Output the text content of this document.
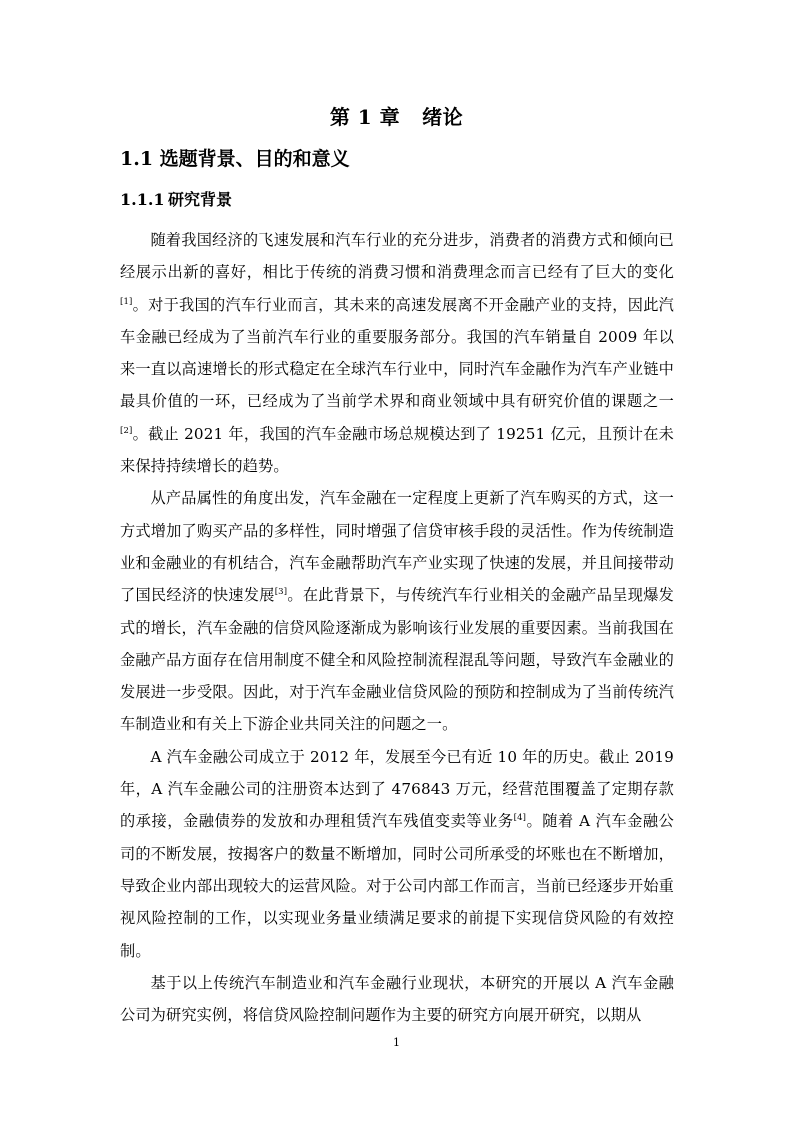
第 1 章 绪论
1.1 选题背景、目的和意义
1.1.1 研究背景

随着我国经济的飞速发展和汽车行业的充分进步，消费者的消费方式和倾向已经展示出新的喜好，相比于传统的消费习惯和消费理念而言已经有了巨大的变化[1]。对于我国的汽车行业而言，其未来的高速发展离不开金融产业的支持，因此汽车金融已经成为了当前汽车行业的重要服务部分。我国的汽车销量自 2009 年以来一直以高速增长的形式稳定在全球汽车行业中，同时汽车金融作为汽车产业链中最具价值的一环，已经成为了当前学术界和商业领域中具有研究价值的课题之一[2]。截止 2021 年，我国的汽车金融市场总规模达到了 19251 亿元，且预计在未来保持持续增长的趋势。

从产品属性的角度出发，汽车金融在一定程度上更新了汽车购买的方式，这一方式增加了购买产品的多样性，同时增强了信贷审核手段的灵活性。作为传统制造业和金融业的有机结合，汽车金融帮助汽车产业实现了快速的发展，并且间接带动了国民经济的快速发展[3]。在此背景下，与传统汽车行业相关的金融产品呈现爆发式的增长，汽车金融的信贷风险逐渐成为影响该行业发展的重要因素。当前我国在金融产品方面存在信用制度不健全和风险控制流程混乱等问题，导致汽车金融业的发展进一步受限。因此，对于汽车金融业信贷风险的预防和控制成为了当前传统汽车制造业和有关上下游企业共同关注的问题之一。

A 汽车金融公司成立于 2012 年，发展至今已有近 10 年的历史。截止 2019 年，A 汽车金融公司的注册资本达到了 476843 万元，经营范围覆盖了定期存款的承接，金融债券的发放和办理租赁汽车残值变卖等业务[4]。随着 A 汽车金融公司的不断发展，按揭客户的数量不断增加，同时公司所承受的坏账也在不断增加，导致企业内部出现较大的运营风险。对于公司内部工作而言，当前已经逐步开始重视风险控制的工作，以实现业务量业绩满足要求的前提下实现信贷风险的有效控制。

基于以上传统汽车制造业和汽车金融行业现状，本研究的开展以 A 汽车金融公司为研究实例，将信贷风险控制问题作为主要的研究方向展开研究，以期从

1
